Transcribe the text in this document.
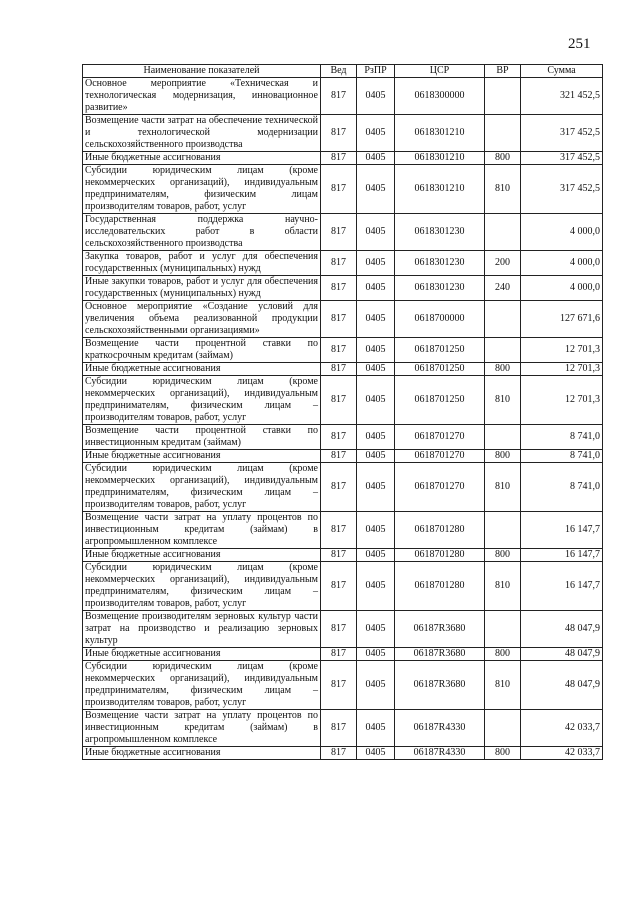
251
Наименование показателей	Вед	РзПР	ЦСР	ВР	Сумма
Основное мероприятие «Техническая и технологическая модернизация, инновационное развитие»	817	0405	0618300000		321 452,5
Возмещение части затрат на обеспечение технической и технологической модернизации сельскохозяйственного производства	817	0405	0618301210		317 452,5
Иные бюджетные ассигнования	817	0405	0618301210	800	317 452,5
Субсидии юридическим лицам (кроме некоммерческих организаций), индивидуальным предпринимателям, физическим лицам производителям товаров, работ, услуг	817	0405	0618301210	810	317 452,5
Государственная поддержка научно-исследовательских работ в области сельскохозяйственного производства	817	0405	0618301230		4 000,0
Закупка товаров, работ и услуг для обеспечения государственных (муниципальных) нужд	817	0405	0618301230	200	4 000,0
Иные закупки товаров, работ и услуг для обеспечения государственных (муниципальных) нужд	817	0405	0618301230	240	4 000,0
Основное мероприятие «Создание условий для увеличения объема реализованной продукции сельскохозяйственными организациями»	817	0405	0618700000		127 671,6
Возмещение части процентной ставки по краткосрочным кредитам (займам)	817	0405	0618701250		12 701,3
Иные бюджетные ассигнования	817	0405	0618701250	800	12 701,3
Субсидии юридическим лицам (кроме некоммерческих организаций), индивидуальным предпринимателям, физическим лицам – производителям товаров, работ, услуг	817	0405	0618701250	810	12 701,3
Возмещение части процентной ставки по инвестиционным кредитам (займам)	817	0405	0618701270		8 741,0
Иные бюджетные ассигнования	817	0405	0618701270	800	8 741,0
Субсидии юридическим лицам (кроме некоммерческих организаций), индивидуальным предпринимателям, физическим лицам – производителям товаров, работ, услуг	817	0405	0618701270	810	8 741,0
Возмещение части затрат на уплату процентов по инвестиционным кредитам (займам) в агропромышленном комплексе	817	0405	0618701280		16 147,7
Иные бюджетные ассигнования	817	0405	0618701280	800	16 147,7
Субсидии юридическим лицам (кроме некоммерческих организаций), индивидуальным предпринимателям, физическим лицам – производителям товаров, работ, услуг	817	0405	0618701280	810	16 147,7
Возмещение производителям зерновых культур части затрат на производство и реализацию зерновых культур	817	0405	06187R3680		48 047,9
Иные бюджетные ассигнования	817	0405	06187R3680	800	48 047,9
Субсидии юридическим лицам (кроме некоммерческих организаций), индивидуальным предпринимателям, физическим лицам – производителям товаров, работ, услуг	817	0405	06187R3680	810	48 047,9
Возмещение части затрат на уплату процентов по инвестиционным кредитам (займам) в агропромышленном комплексе	817	0405	06187R4330		42 033,7
Иные бюджетные ассигнования	817	0405	06187R4330	800	42 033,7
